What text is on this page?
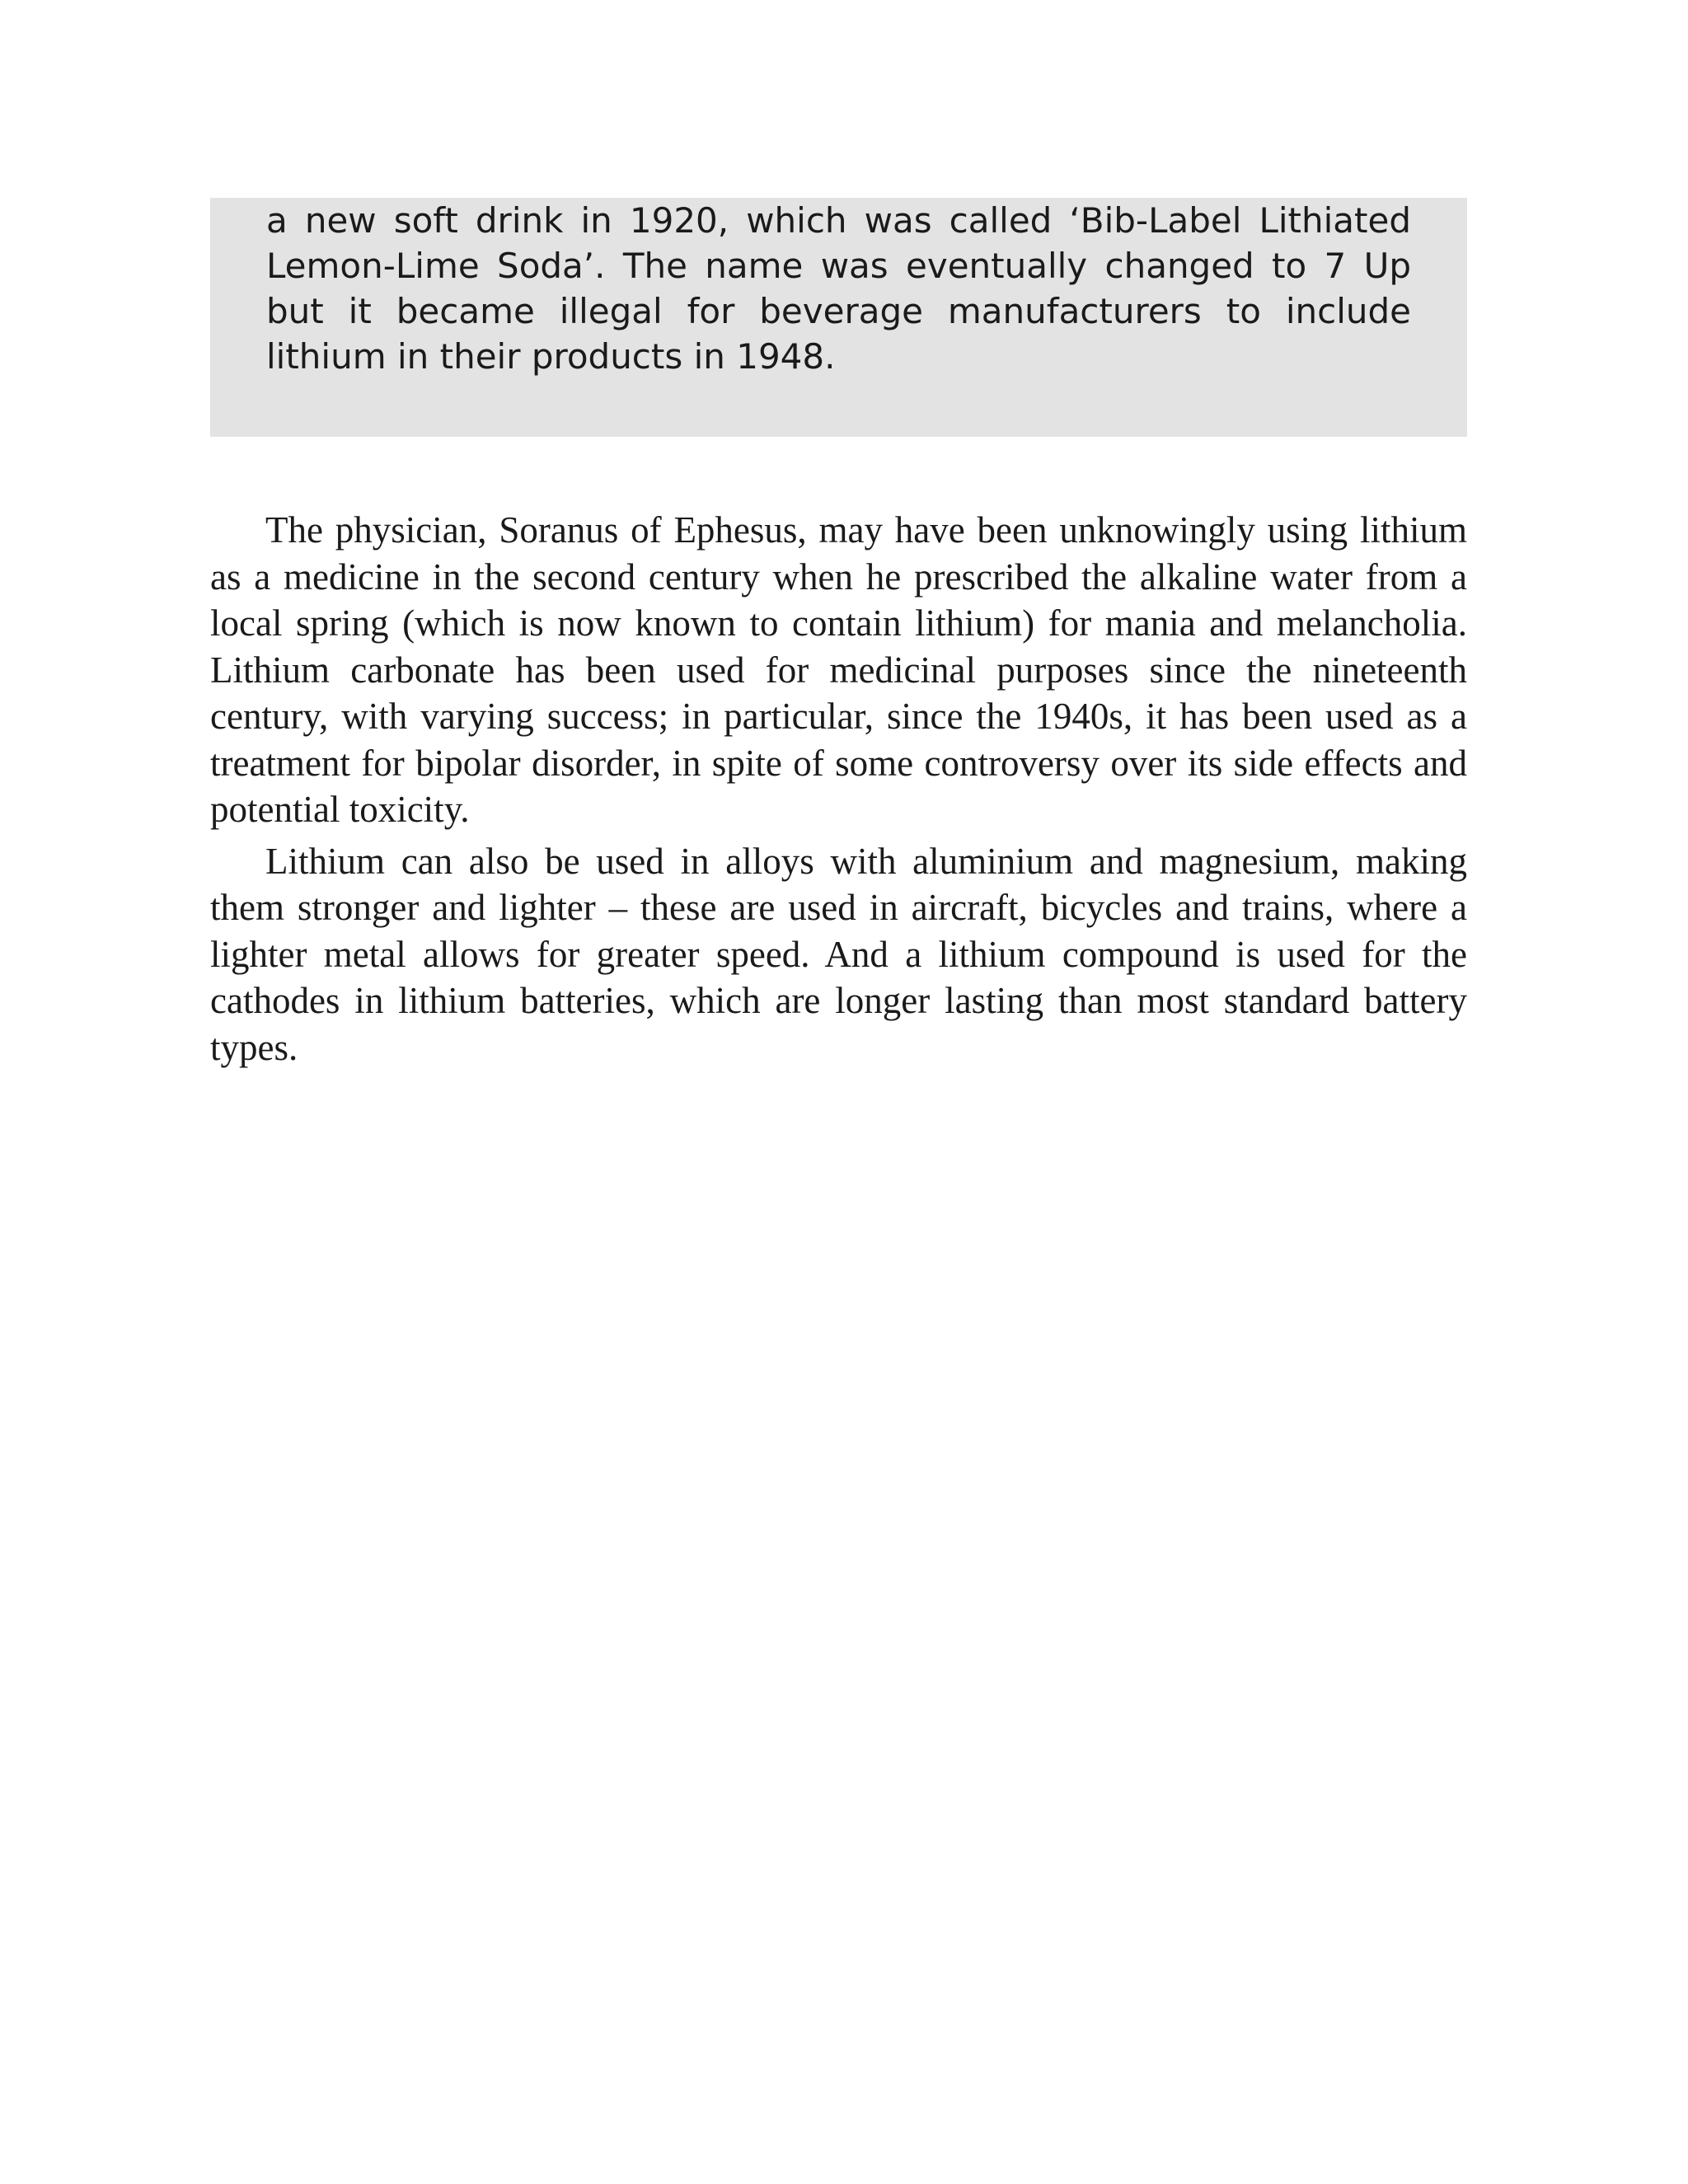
a new soft drink in 1920, which was called ‘Bib-Label Lithiated Lemon-Lime Soda’. The name was eventually changed to 7 Up but it became illegal for beverage manufacturers to include lithium in their products in 1948.

The physician, Soranus of Ephesus, may have been unknowingly using lithium as a medicine in the second century when he prescribed the alkaline water from a local spring (which is now known to contain lithium) for mania and melancholia. Lithium carbonate has been used for medicinal purposes since the nineteenth century, with varying success; in particular, since the 1940s, it has been used as a treatment for bipolar disorder, in spite of some controversy over its side effects and potential toxicity.

Lithium can also be used in alloys with aluminium and magnesium, making them stronger and lighter – these are used in aircraft, bicycles and trains, where a lighter metal allows for greater speed. And a lithium compound is used for the cathodes in lithium batteries, which are longer lasting than most standard battery types.
